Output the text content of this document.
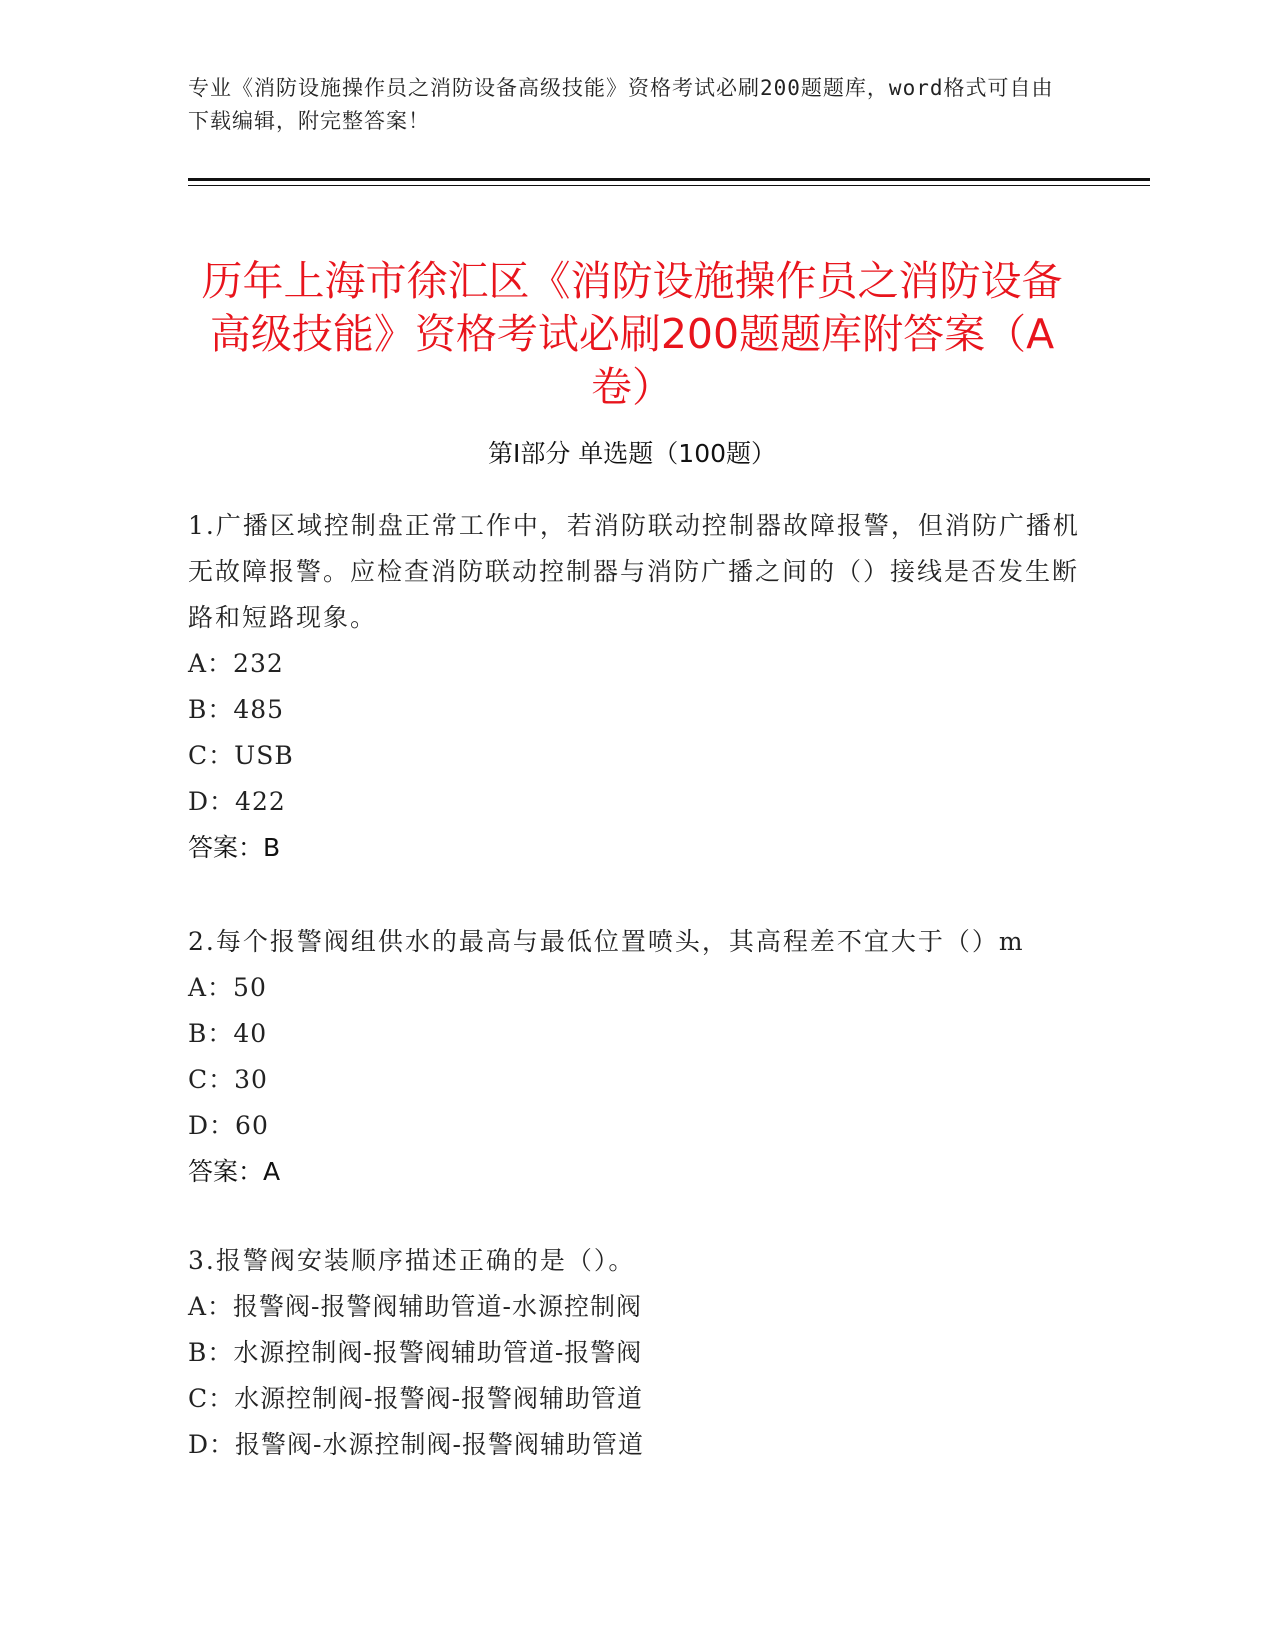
专业《消防设施操作员之消防设备高级技能》资格考试必刷200题题库，word格式可自由下载编辑，附完整答案！
历年上海市徐汇区《消防设施操作员之消防设备高级技能》资格考试必刷200题题库附答案（A卷）
第I部分 单选题（100题）
1.广播区域控制盘正常工作中，若消防联动控制器故障报警，但消防广播机无故障报警。应检查消防联动控制器与消防广播之间的（）接线是否发生断路和短路现象。
A：232
B：485
C：USB
D：422
答案：B
2.每个报警阀组供水的最高与最低位置喷头，其高程差不宜大于（）m
A：50
B：40
C：30
D：60
答案：A
3.报警阀安装顺序描述正确的是（）。
A：报警阀-报警阀辅助管道-水源控制阀
B：水源控制阀-报警阀辅助管道-报警阀
C：水源控制阀-报警阀-报警阀辅助管道
D：报警阀-水源控制阀-报警阀辅助管道
